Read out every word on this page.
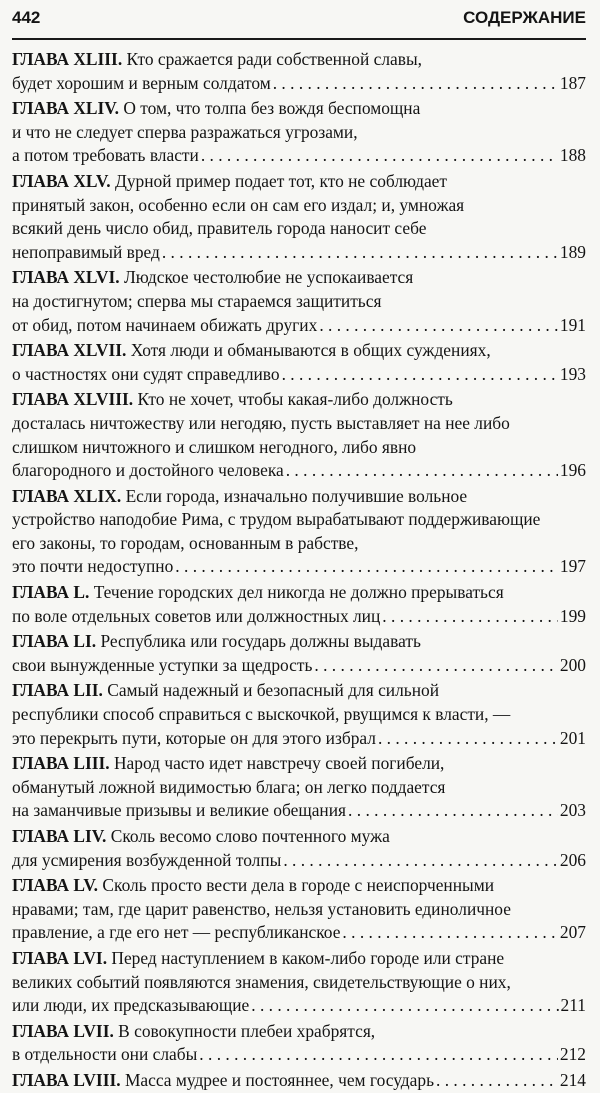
442	СОДЕРЖАНИЕ
ГЛАВА XLIII. Кто сражается ради собственной славы,
будет хорошим и верным солдатом . . .	187
ГЛАВА XLIV. О том, что толпа без вождя беспомощна
и что не следует сперва разражаться угрозами,
а потом требовать власти . . .	188
ГЛАВА XLV. Дурной пример подает тот, кто не соблюдает
принятый закон, особенно если он сам его издал; и, умножая
всякий день число обид, правитель города наносит себе
непоправимый вред . . .	189
ГЛАВА XLVI. Людское честолюбие не успокаивается
на достигнутом; сперва мы стараемся защититься
от обид, потом начинаем обижать других . . .	191
ГЛАВА XLVII. Хотя люди и обманываются в общих суждениях,
о частностях они судят справедливо . . .	193
ГЛАВА XLVIII. Кто не хочет, чтобы какая-либо должность
досталась ничтожеству или негодяю, пусть выставляет на нее либо
слишком ничтожного и слишком негодного, либо явно
благородного и достойного человека . . .	196
ГЛАВА XLIX. Если города, изначально получившие вольное
устройство наподобие Рима, с трудом вырабатывают поддерживающие
его законы, то городам, основанным в рабстве,
это почти недоступно . . .	197
ГЛАВА L. Течение городских дел никогда не должно прерываться
по воле отдельных советов или должностных лиц . . .	199
ГЛАВА LI. Республика или государь должны выдавать
свои вынужденные уступки за щедрость . . .	200
ГЛАВА LII. Самый надежный и безопасный для сильной
республики способ справиться с выскочкой, рвущимся к власти, —
это перекрыть пути, которые он для этого избрал . . .	201
ГЛАВА LIII. Народ часто идет навстречу своей погибели,
обманутый ложной видимостью блага; он легко поддается
на заманчивые призывы и великие обещания . . .	203
ГЛАВА LIV. Сколь весомо слово почтенного мужа
для усмирения возбужденной толпы . . .	206
ГЛАВА LV. Сколь просто вести дела в городе с неиспорченными
нравами; там, где царит равенство, нельзя установить единоличное
правление, а где его нет — республиканское . . .	207
ГЛАВА LVI. Перед наступлением в каком-либо городе или стране
великих событий появляются знамения, свидетельствующие о них,
или люди, их предсказывающие . . .	211
ГЛАВА LVII. В совокупности плебеи храбрятся,
в отдельности они слабы . . .	212
ГЛАВА LVIII. Масса мудрее и постояннее, чем государь . . .	214
